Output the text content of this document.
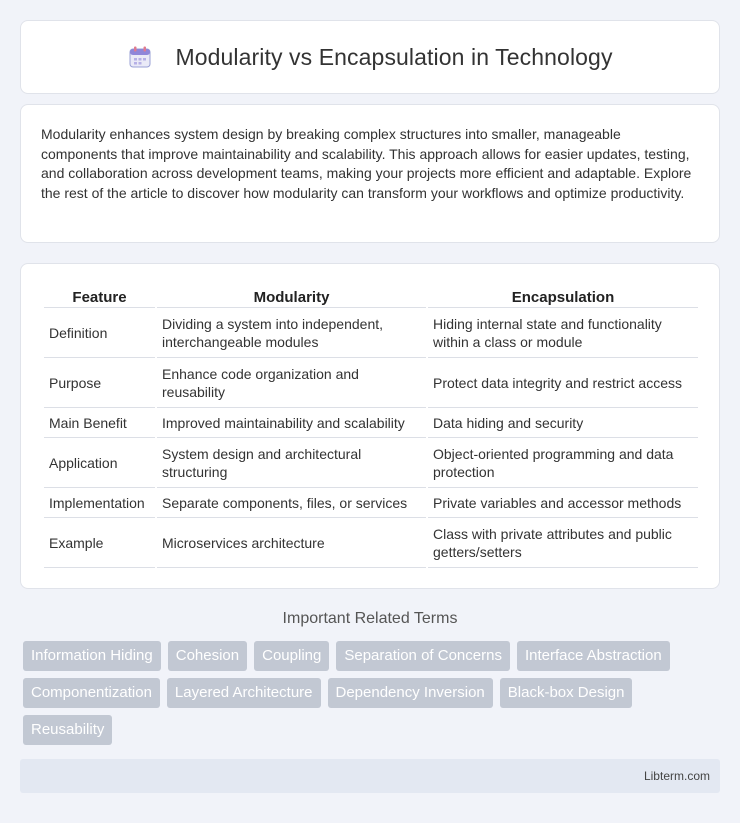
Modularity vs Encapsulation in Technology

Modularity enhances system design by breaking complex structures into smaller, manageable components that improve maintainability and scalability. This approach allows for easier updates, testing, and collaboration across development teams, making your projects more efficient and adaptable. Explore the rest of the article to discover how modularity can transform your workflows and optimize productivity.

Feature	Modularity	Encapsulation
Definition	Dividing a system into independent, interchangeable modules	Hiding internal state and functionality within a class or module
Purpose	Enhance code organization and reusability	Protect data integrity and restrict access
Main Benefit	Improved maintainability and scalability	Data hiding and security
Application	System design and architectural structuring	Object-oriented programming and data protection
Implementation	Separate components, files, or services	Private variables and accessor methods
Example	Microservices architecture	Class with private attributes and public getters/setters
Important Related Terms
Information Hiding	Cohesion	Coupling	Separation of Concerns	Interface Abstraction
Componentization	Layered Architecture	Dependency Inversion	Black-box Design
Reusability
Libterm.com
